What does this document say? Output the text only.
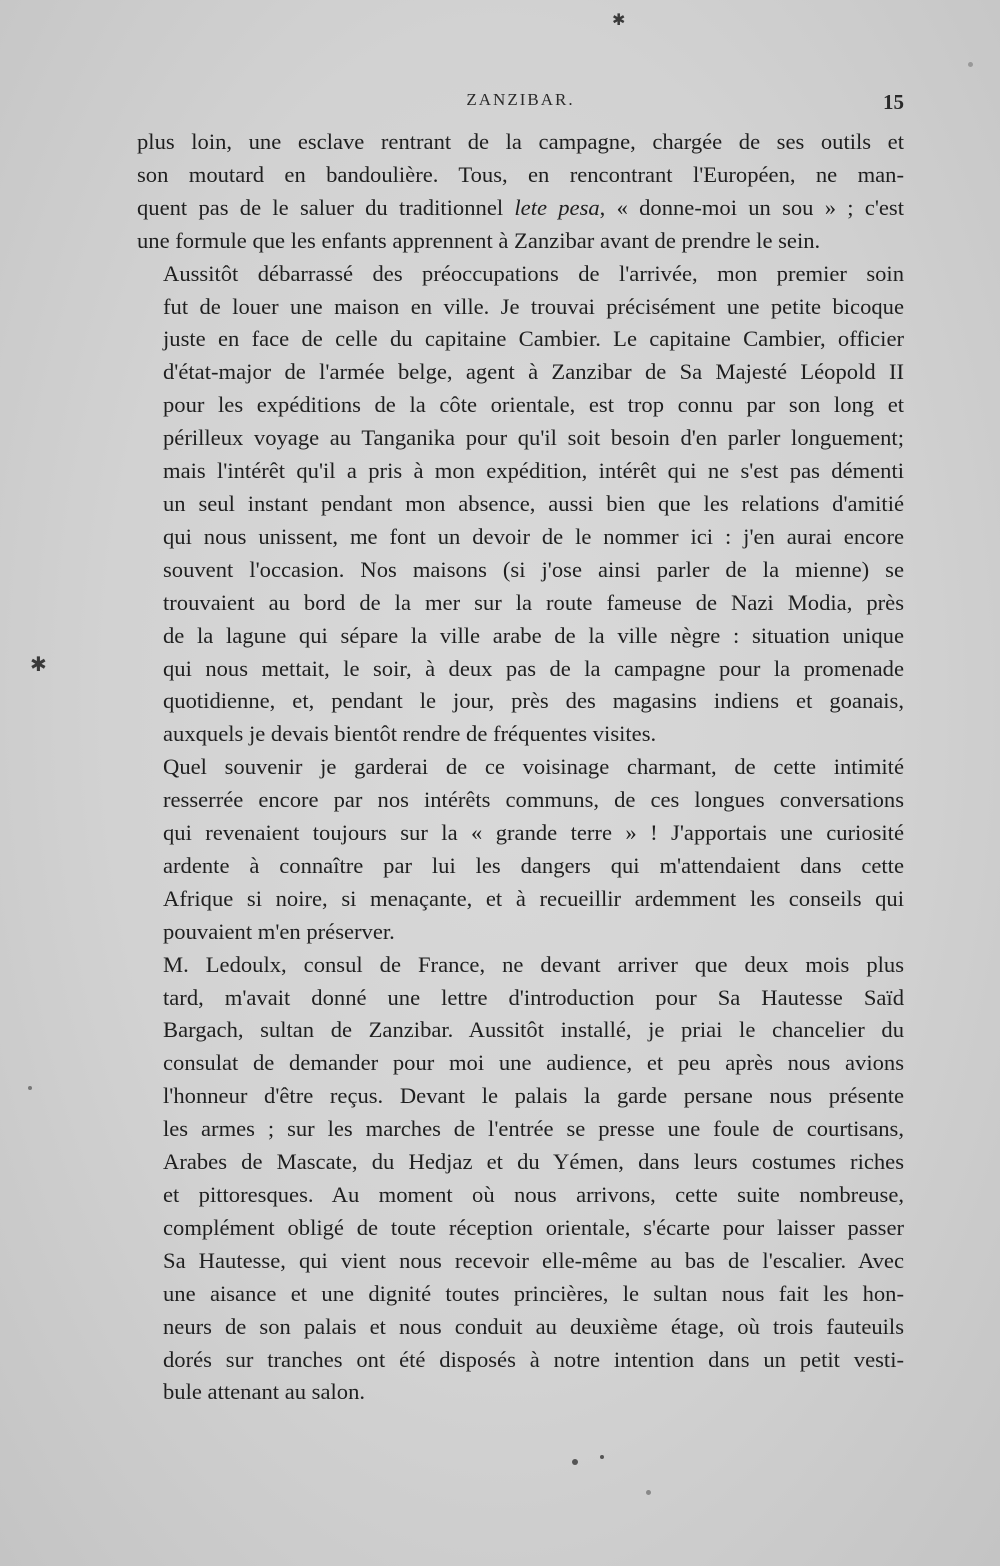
ZANZIBAR.	15

plus loin, une esclave rentrant de la campagne, chargée de ses outils et
son moutard en bandoulière. Tous, en rencontrant l'Européen, ne man-
quent pas de le saluer du traditionnel lete pesa, « donne-moi un sou » ; c'est
une formule que les enfants apprennent à Zanzibar avant de prendre le sein.

Aussitôt débarrassé des préoccupations de l'arrivée, mon premier soin
fut de louer une maison en ville. Je trouvai précisément une petite bicoque
juste en face de celle du capitaine Cambier. Le capitaine Cambier, officier
d'état-major de l'armée belge, agent à Zanzibar de Sa Majesté Léopold II
pour les expéditions de la côte orientale, est trop connu par son long et
périlleux voyage au Tanganika pour qu'il soit besoin d'en parler longuement;
mais l'intérêt qu'il a pris à mon expédition, intérêt qui ne s'est pas démenti
un seul instant pendant mon absence, aussi bien que les relations d'amitié
qui nous unissent, me font un devoir de le nommer ici : j'en aurai encore
souvent l'occasion. Nos maisons (si j'ose ainsi parler de la mienne) se
trouvaient au bord de la mer sur la route fameuse de Nazi Modia, près
de la lagune qui sépare la ville arabe de la ville nègre : situation unique
qui nous mettait, le soir, à deux pas de la campagne pour la promenade
quotidienne, et, pendant le jour, près des magasins indiens et goanais,
auxquels je devais bientôt rendre de fréquentes visites.

Quel souvenir je garderai de ce voisinage charmant, de cette intimité
resserrée encore par nos intérêts communs, de ces longues conversations
qui revenaient toujours sur la « grande terre » ! J'apportais une curiosité
ardente à connaître par lui les dangers qui m'attendaient dans cette
Afrique si noire, si menaçante, et à recueillir ardemment les conseils qui
pouvaient m'en préserver.

M. Ledoulx, consul de France, ne devant arriver que deux mois plus
tard, m'avait donné une lettre d'introduction pour Sa Hautesse Saïd
Bargach, sultan de Zanzibar. Aussitôt installé, je priai le chancelier du
consulat de demander pour moi une audience, et peu après nous avions
l'honneur d'être reçus. Devant le palais la garde persane nous présente
les armes ; sur les marches de l'entrée se presse une foule de courtisans,
Arabes de Mascate, du Hedjaz et du Yémen, dans leurs costumes riches
et pittoresques. Au moment où nous arrivons, cette suite nombreuse,
complément obligé de toute réception orientale, s'écarte pour laisser passer
Sa Hautesse, qui vient nous recevoir elle-même au bas de l'escalier. Avec
une aisance et une dignité toutes princières, le sultan nous fait les hon-
neurs de son palais et nous conduit au deuxième étage, où trois fauteuils
dorés sur tranches ont été disposés à notre intention dans un petit vesti-
bule attenant au salon.

✱
✱
